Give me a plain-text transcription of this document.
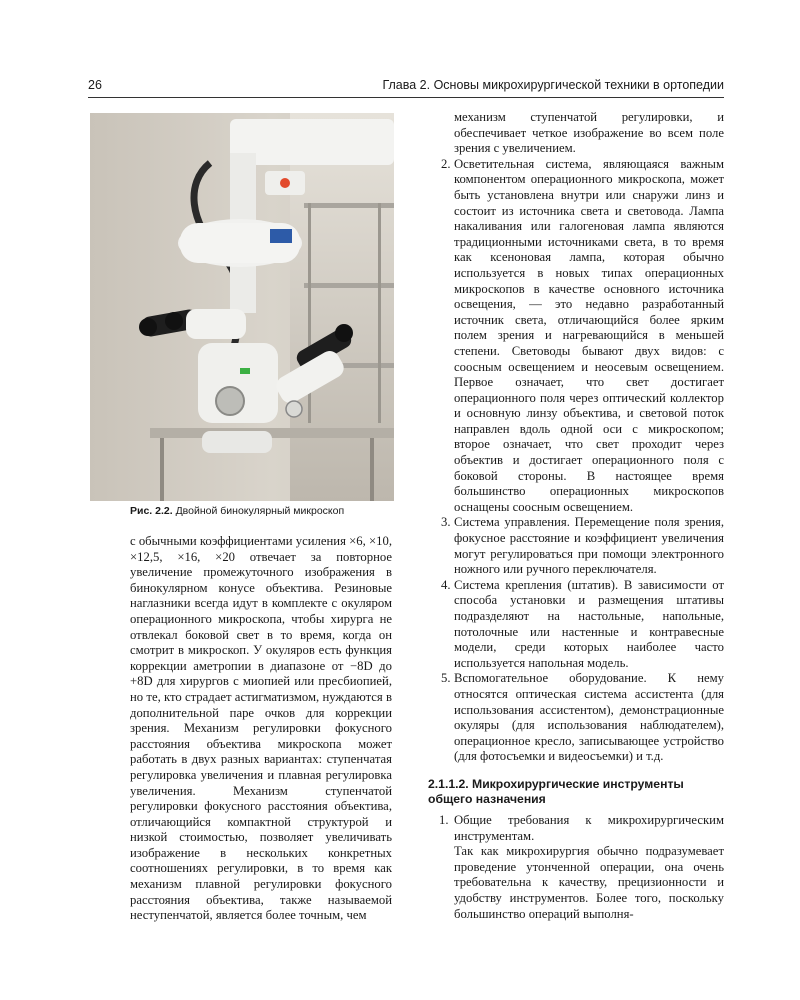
26	Глава 2. Основы микрохирургической техники в ортопедии
Рис. 2.2. Двойной бинокулярный микроскоп

с обычными коэффициентами усиления ×6, ×10, ×12,5, ×16, ×20 отвечает за повторное увеличение промежуточного изображения в бинокулярном конусе объектива. Резиновые наглазники всегда идут в комплекте с окуляром операционного микроскопа, чтобы хирурга не отвлекал боковой свет в то время, когда он смотрит в микроскоп. У окуляров есть функция коррекции аметропии в диапазоне от −8D до +8D для хирургов с миопией или пресбиопией, но те, кто страдает астигматизмом, нуждаются в дополнительной паре очков для коррекции зрения. Механизм регулировки фокусного расстояния объектива микроскопа может работать в двух разных вариантах: ступенчатая регулировка увеличения и плавная регулировка увеличения. Механизм ступенчатой регулировки фокусного расстояния объектива, отличающийся компактной структурой и низкой стоимостью, позволяет увеличивать изображение в нескольких конкретных соотношениях регулировки, в то время как механизм плавной регулировки фокусного расстояния объектива, также называемой неступенчатой, является более точным, чем

механизм ступенчатой регулировки, и обеспечивает четкое изображение во всем поле зрения с увеличением.

2. Осветительная система, являющаяся важным компонентом операционного микроскопа, может быть установлена внутри или снаружи линз и состоит из источника света и световода. Лампа накаливания или галогеновая лампа являются традиционными источниками света, в то время как ксеноновая лампа, которая обычно используется в новых типах операционных микроскопов в качестве основного источника освещения, — это недавно разработанный источник света, отличающийся более ярким полем зрения и нагревающийся в меньшей степени. Световоды бывают двух видов: с соосным освещением и неосевым освещением. Первое означает, что свет достигает операционного поля через оптический коллектор и основную линзу объектива, и световой поток направлен вдоль одной оси с микроскопом; второе означает, что свет проходит через объектив и достигает операционного поля с боковой стороны. В настоящее время большинство операционных микроскопов оснащены соосным освещением.
3. Система управления. Перемещение поля зрения, фокусное расстояние и коэффициент увеличения могут регулироваться при помощи электронного ножного или ручного переключателя.
4. Система крепления (штатив). В зависимости от способа установки и размещения штативы подразделяют на настольные, напольные, потолочные или настенные и контравесные модели, среди которых наиболее часто используется напольная модель.
5. Вспомогательное оборудование. К нему относятся оптическая система ассистента (для использования ассистентом), демонстрационные окуляры (для использования наблюдателем), операционное кресло, записывающее устройство (для фотосъемки и видеосъемки) и т.д.
2.1.1.2. Микрохирургические инструменты общего назначения
1. Общие требования к микрохирургическим инструментам.

Так как микрохирургия обычно подразумевает проведение утонченной операции, она очень требовательна к качеству, прецизионности и удобству инструментов. Более того, поскольку большинство операций выполня-
